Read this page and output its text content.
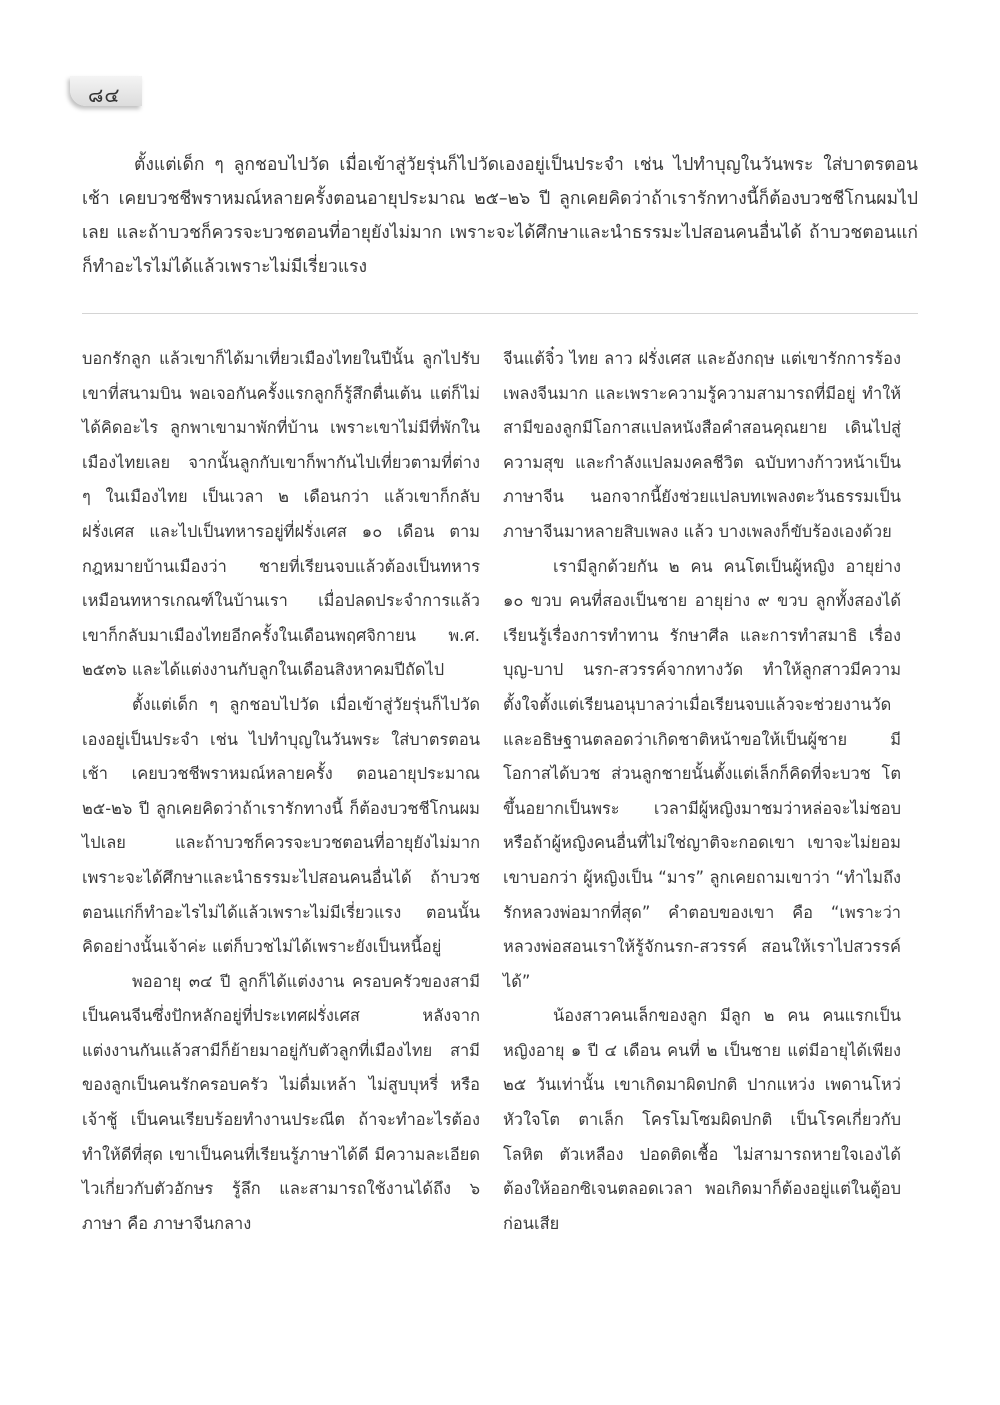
๘๔

ตั้งแต่เด็ก ๆ ลูกชอบไปวัด เมื่อเข้าสู่วัยรุ่นก็ไปวัดเองอยู่เป็นประจำ เช่น ไปทำบุญในวันพระ ใส่บาตรตอนเช้า เคยบวชชีพราหมณ์หลายครั้งตอนอายุประมาณ ๒๕–๒๖ ปี ลูกเคยคิดว่าถ้าเรารักทางนี้ก็ต้องบวชชีโกนผมไปเลย และถ้าบวชก็ควรจะบวชตอนที่อายุยังไม่มาก เพราะจะได้ศึกษาและนำธรรมะไปสอนคนอื่นได้ ถ้าบวชตอนแก่ก็ทำอะไรไม่ได้แล้วเพราะไม่มีเรี่ยวแรง

บอกรักลูก แล้วเขาก็ได้มาเที่ยวเมืองไทยในปีนั้น ลูกไปรับเขาที่สนามบิน พอเจอกันครั้งแรกลูกก็รู้สึกตื่นเต้น แต่ก็ไม่ได้คิดอะไร ลูกพาเขามาพักที่บ้าน เพราะเขาไม่มีที่พักในเมืองไทยเลย จากนั้นลูกกับเขาก็พากันไปเที่ยวตามที่ต่าง ๆ ในเมืองไทย เป็นเวลา ๒ เดือนกว่า แล้วเขาก็กลับฝรั่งเศส และไปเป็นทหารอยู่ที่ฝรั่งเศส ๑๐ เดือน ตามกฎหมายบ้านเมืองว่า ชายที่เรียนจบแล้วต้องเป็นทหารเหมือนทหารเกณฑ์ในบ้านเรา เมื่อปลดประจำการแล้วเขาก็กลับมาเมืองไทยอีกครั้งในเดือนพฤศจิกายน พ.ศ. ๒๕๓๖ และได้แต่งงานกับลูกในเดือนสิงหาคมปีถัดไป

ตั้งแต่เด็ก ๆ ลูกชอบไปวัด เมื่อเข้าสู่วัยรุ่นก็ไปวัดเองอยู่เป็นประจำ เช่น ไปทำบุญในวันพระ ใส่บาตรตอนเช้า เคยบวชชีพราหมณ์หลายครั้ง ตอนอายุประมาณ ๒๕-๒๖ ปี ลูกเคยคิดว่าถ้าเรารักทางนี้ ก็ต้องบวชชีโกนผมไปเลย และถ้าบวชก็ควรจะบวชตอนที่อายุยังไม่มาก เพราะจะได้ศึกษาและนำธรรมะไปสอนคนอื่นได้ ถ้าบวชตอนแก่ก็ทำอะไรไม่ได้แล้วเพราะไม่มีเรี่ยวแรง ตอนนั้นคิดอย่างนั้นเจ้าค่ะ แต่ก็บวชไม่ได้เพราะยังเป็นหนี้อยู่

พออายุ ๓๔ ปี ลูกก็ได้แต่งงาน ครอบครัวของสามีเป็นคนจีนซึ่งปักหลักอยู่ที่ประเทศฝรั่งเศส หลังจากแต่งงานกันแล้วสามีก็ย้ายมาอยู่กับตัวลูกที่เมืองไทย สามีของลูกเป็นคนรักครอบครัว ไม่ดื่มเหล้า ไม่สูบบุหรี่ หรือเจ้าชู้ เป็นคนเรียบร้อยทำงานประณีต ถ้าจะทำอะไรต้องทำให้ดีที่สุด เขาเป็นคนที่เรียนรู้ภาษาได้ดี มีความละเอียด ไวเกี่ยวกับตัวอักษร รู้ลึก และสามารถใช้งานได้ถึง ๖ ภาษา คือ ภาษาจีนกลาง

จีนแต้จิ๋ว ไทย ลาว ฝรั่งเศส และอังกฤษ แต่เขารักการร้องเพลงจีนมาก และเพราะความรู้ความสามารถที่มีอยู่ ทำให้สามีของลูกมีโอกาสแปลหนังสือคำสอนคุณยาย เดินไปสู่ความสุข และกำลังแปลมงคลชีวิต ฉบับทางก้าวหน้าเป็นภาษาจีน นอกจากนี้ยังช่วยแปลบทเพลงตะวันธรรมเป็นภาษาจีนมาหลายสิบเพลง แล้ว บางเพลงก็ขับร้องเองด้วย

เรามีลูกด้วยกัน ๒ คน คนโตเป็นผู้หญิง อายุย่าง ๑๐ ขวบ คนที่สองเป็นชาย อายุย่าง ๙ ขวบ ลูกทั้งสองได้เรียนรู้เรื่องการทำทาน รักษาศีล และการทำสมาธิ เรื่องบุญ-บาป นรก-สวรรค์จากทางวัด ทำให้ลูกสาวมีความตั้งใจตั้งแต่เรียนอนุบาลว่าเมื่อเรียนจบแล้วจะช่วยงานวัด และอธิษฐานตลอดว่าเกิดชาติหน้าขอให้เป็นผู้ชาย มีโอกาสได้บวช ส่วนลูกชายนั้นตั้งแต่เล็กก็คิดที่จะบวช โตขึ้นอยากเป็นพระ เวลามีผู้หญิงมาชมว่าหล่อจะไม่ชอบ หรือถ้าผู้หญิงคนอื่นที่ไม่ใช่ญาติจะกอดเขา เขาจะไม่ยอม เขาบอกว่า ผู้หญิงเป็น “มาร” ลูกเคยถามเขาว่า “ทำไมถึงรักหลวงพ่อมากที่สุด” คำตอบของเขา คือ “เพราะว่าหลวงพ่อสอนเราให้รู้จักนรก-สวรรค์ สอนให้เราไปสวรรค์ได้”

น้องสาวคนเล็กของลูก มีลูก ๒ คน คนแรกเป็นหญิงอายุ ๑ ปี ๔ เดือน คนที่ ๒ เป็นชาย แต่มีอายุได้เพียง ๒๕ วันเท่านั้น เขาเกิดมาผิดปกติ ปากแหว่ง เพดานโหว่ หัวใจโต ตาเล็ก โครโมโซมผิดปกติ เป็นโรคเกี่ยวกับโลหิต ตัวเหลือง ปอดติดเชื้อ ไม่สามารถหายใจเองได้ ต้องให้ออกซิเจนตลอดเวลา พอเกิดมาก็ต้องอยู่แต่ในตู้อบ ก่อนเสีย
